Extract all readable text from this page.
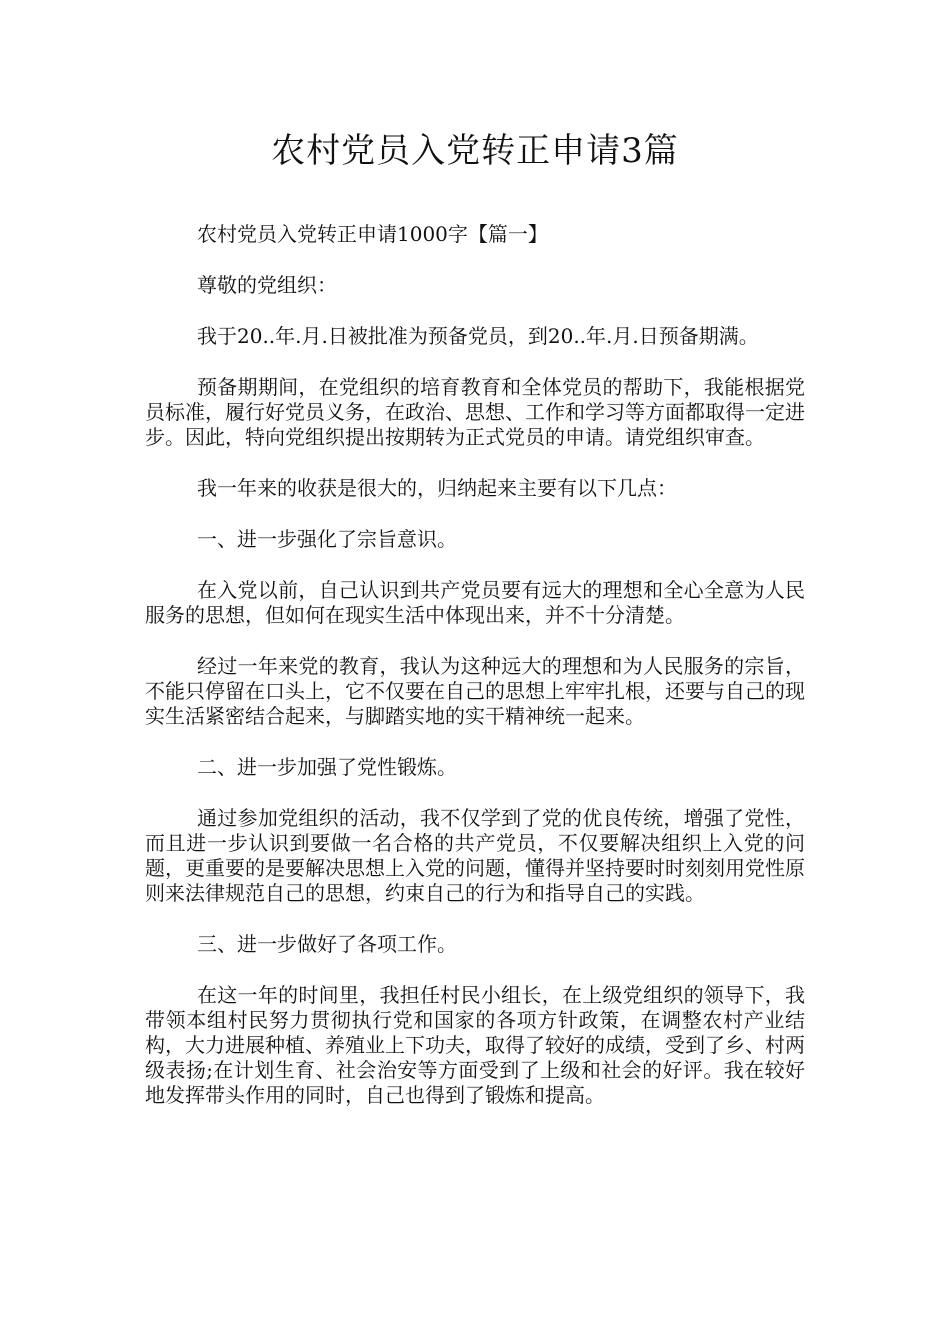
农村党员入党转正申请3篇

农村党员入党转正申请1000字【篇一】

尊敬的党组织：

我于20..年.月.日被批准为预备党员，到20..年.月.日预备期满。

预备期期间，在党组织的培育教育和全体党员的帮助下，我能根据党员标准，履行好党员义务，在政治、思想、工作和学习等方面都取得一定进步。因此，特向党组织提出按期转为正式党员的申请。请党组织审查。

我一年来的收获是很大的，归纳起来主要有以下几点：

一、进一步强化了宗旨意识。

在入党以前，自己认识到共产党员要有远大的理想和全心全意为人民服务的思想，但如何在现实生活中体现出来，并不十分清楚。

经过一年来党的教育，我认为这种远大的理想和为人民服务的宗旨，不能只停留在口头上，它不仅要在自己的思想上牢牢扎根，还要与自己的现实生活紧密结合起来，与脚踏实地的实干精神统一起来。

二、进一步加强了党性锻炼。

通过参加党组织的活动，我不仅学到了党的优良传统，增强了党性，而且进一步认识到要做一名合格的共产党员，不仅要解决组织上入党的问题，更重要的是要解决思想上入党的问题，懂得并坚持要时时刻刻用党性原则来法律规范自己的思想，约束自己的行为和指导自己的实践。

三、进一步做好了各项工作。

在这一年的时间里，我担任村民小组长，在上级党组织的领导下，我带领本组村民努力贯彻执行党和国家的各项方针政策，在调整农村产业结构，大力进展种植、养殖业上下功夫，取得了较好的成绩，受到了乡、村两级表扬;在计划生育、社会治安等方面受到了上级和社会的好评。我在较好地发挥带头作用的同时，自己也得到了锻炼和提高。
